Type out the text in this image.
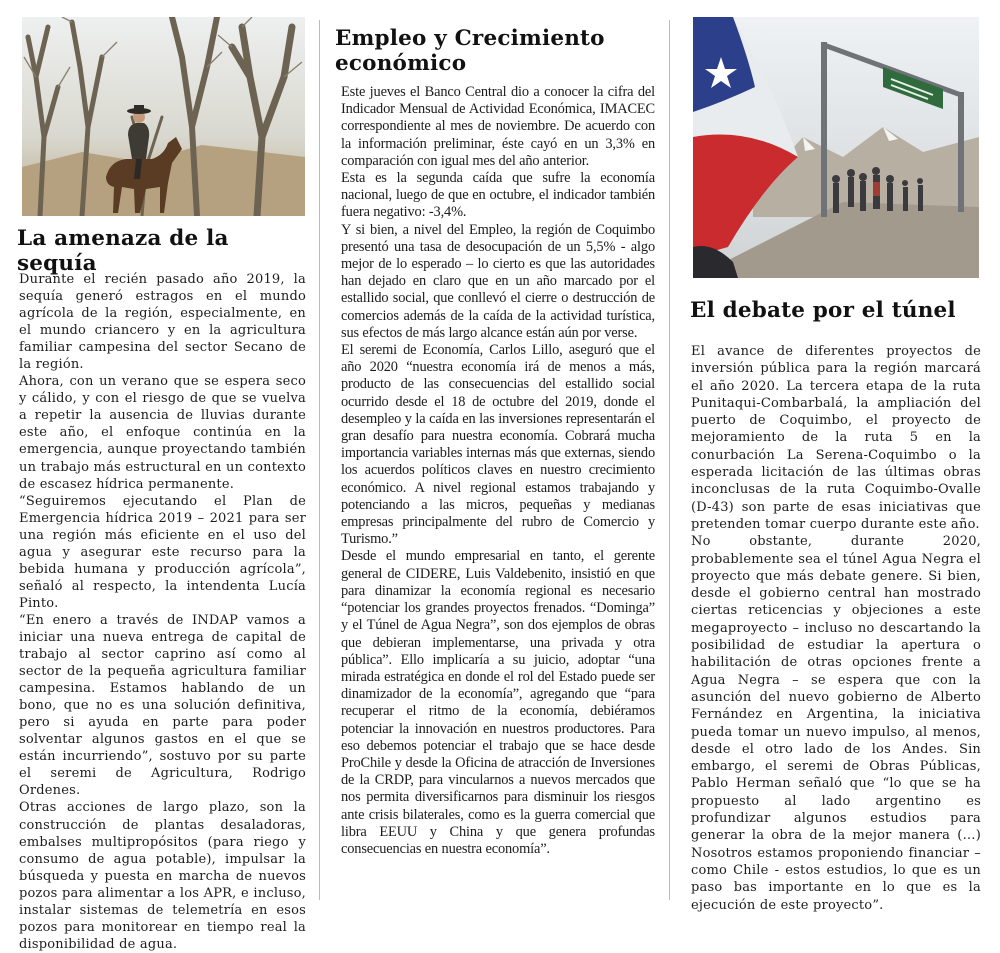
La amenaza de la sequía

Durante el recién pasado año 2019, la sequía generó estragos en el mundo agrícola de la región, especialmente, en el mundo criancero y en la agricultura familiar campesina del sector Secano de la región.

Ahora, con un verano que se espera seco y cálido, y con el riesgo de que se vuelva a repetir la ausencia de lluvias durante este año, el enfoque continúa en la emergencia, aunque proyectando también un trabajo más estructural en un contexto de escasez hídrica permanente.

“Seguiremos ejecutando el Plan de Emergencia hídrica 2019 – 2021 para ser una región más eficiente en el uso del agua y asegurar este recurso para la bebida humana y producción agrícola”, señaló al respecto, la intendenta Lucía Pinto.

“En enero a través de INDAP vamos a iniciar una nueva entrega de capital de trabajo al sector caprino así como al sector de la pequeña agricultura familiar campesina. Estamos hablando de un bono, que no es una solución definitiva, pero si ayuda en parte para poder solventar algunos gastos en el que se están incurriendo”, sostuvo por su parte el seremi de Agricultura, Rodrigo Ordenes.

Otras acciones de largo plazo, son la construcción de plantas desaladoras, embalses multipropósitos (para riego y consumo de agua potable), impulsar la búsqueda y puesta en marcha de nuevos pozos para alimentar a los APR, e incluso, instalar sistemas de telemetría en esos pozos para monitorear en tiempo real la disponibilidad de agua.

Empleo y Crecimiento económico

Este jueves el Banco Central dio a conocer la cifra del Indicador Mensual de Actividad Económica, IMACEC correspondiente al mes de noviembre. De acuerdo con la información preliminar, éste cayó en un 3,3% en comparación con igual mes del año anterior.

Esta es la segunda caída que sufre la economía nacional, luego de que en octubre, el indicador también fuera negativo: -3,4%.

Y si bien, a nivel del Empleo, la región de Coquimbo presentó una tasa de desocupación de un 5,5% - algo mejor de lo esperado – lo cierto es que las autoridades han dejado en claro que en un año marcado por el estallido social, que conllevó el cierre o destrucción de comercios además de la caída de la actividad turística, sus efectos de más largo alcance están aún por verse.

El seremi de Economía, Carlos Lillo, aseguró que el año 2020 “nuestra economía irá de menos a más, producto de las consecuencias del estallido social ocurrido desde el 18 de octubre del 2019, donde el desempleo y la caída en las inversiones representarán el gran desafío para nuestra economía. Cobrará mucha importancia variables internas más que externas, siendo los acuerdos políticos claves en nuestro crecimiento económico. A nivel regional estamos trabajando y potenciando a las micros, pequeñas y medianas empresas principalmente del rubro de Comercio y Turismo.”

Desde el mundo empresarial en tanto, el gerente general de CIDERE, Luis Valdebenito, insistió en que para dinamizar la economía regional es necesario “potenciar los grandes proyectos frenados. “Dominga” y el Túnel de Agua Negra”, son dos ejemplos de obras que debieran implementarse, una privada y otra pública”. Ello implicaría a su juicio, adoptar “una mirada estratégica en donde el rol del Estado puede ser dinamizador de la economía”, agregando que “para recuperar el ritmo de la economía, debiéramos potenciar la innovación en nuestros productores. Para eso debemos potenciar el trabajo que se hace desde ProChile y desde la Oficina de atracción de Inversiones de la CRDP, para vincularnos a nuevos mercados que nos permita diversificarnos para disminuir los riesgos ante crisis bilaterales, como es la guerra comercial que libra EEUU y China y que genera profundas consecuencias en nuestra economía”.

El debate por el túnel

El avance de diferentes proyectos de inversión pública para la región marcará el año 2020. La tercera etapa de la ruta Punitaqui-Combarbalá, la ampliación del puerto de Coquimbo, el proyecto de mejoramiento de la ruta 5 en la conurbación La Serena-Coquimbo o la esperada licitación de las últimas obras inconclusas de la ruta Coquimbo-Ovalle (D-43) son parte de esas iniciativas que pretenden tomar cuerpo durante este año.

No obstante, durante 2020, probablemente sea el túnel Agua Negra el proyecto que más debate genere. Si bien, desde el gobierno central han mostrado ciertas reticencias y objeciones a este megaproyecto – incluso no descartando la posibilidad de estudiar la apertura o habilitación de otras opciones frente a Agua Negra – se espera que con la asunción del nuevo gobierno de Alberto Fernández en Argentina, la iniciativa pueda tomar un nuevo impulso, al menos, desde el otro lado de los Andes. Sin embargo, el seremi de Obras Públicas, Pablo Herman señaló que “lo que se ha propuesto al lado argentino es profundizar algunos estudios para generar la obra de la mejor manera (…) Nosotros estamos proponiendo financiar – como Chile - estos estudios, lo que es un paso bas importante en lo que es la ejecución de este proyecto”.
